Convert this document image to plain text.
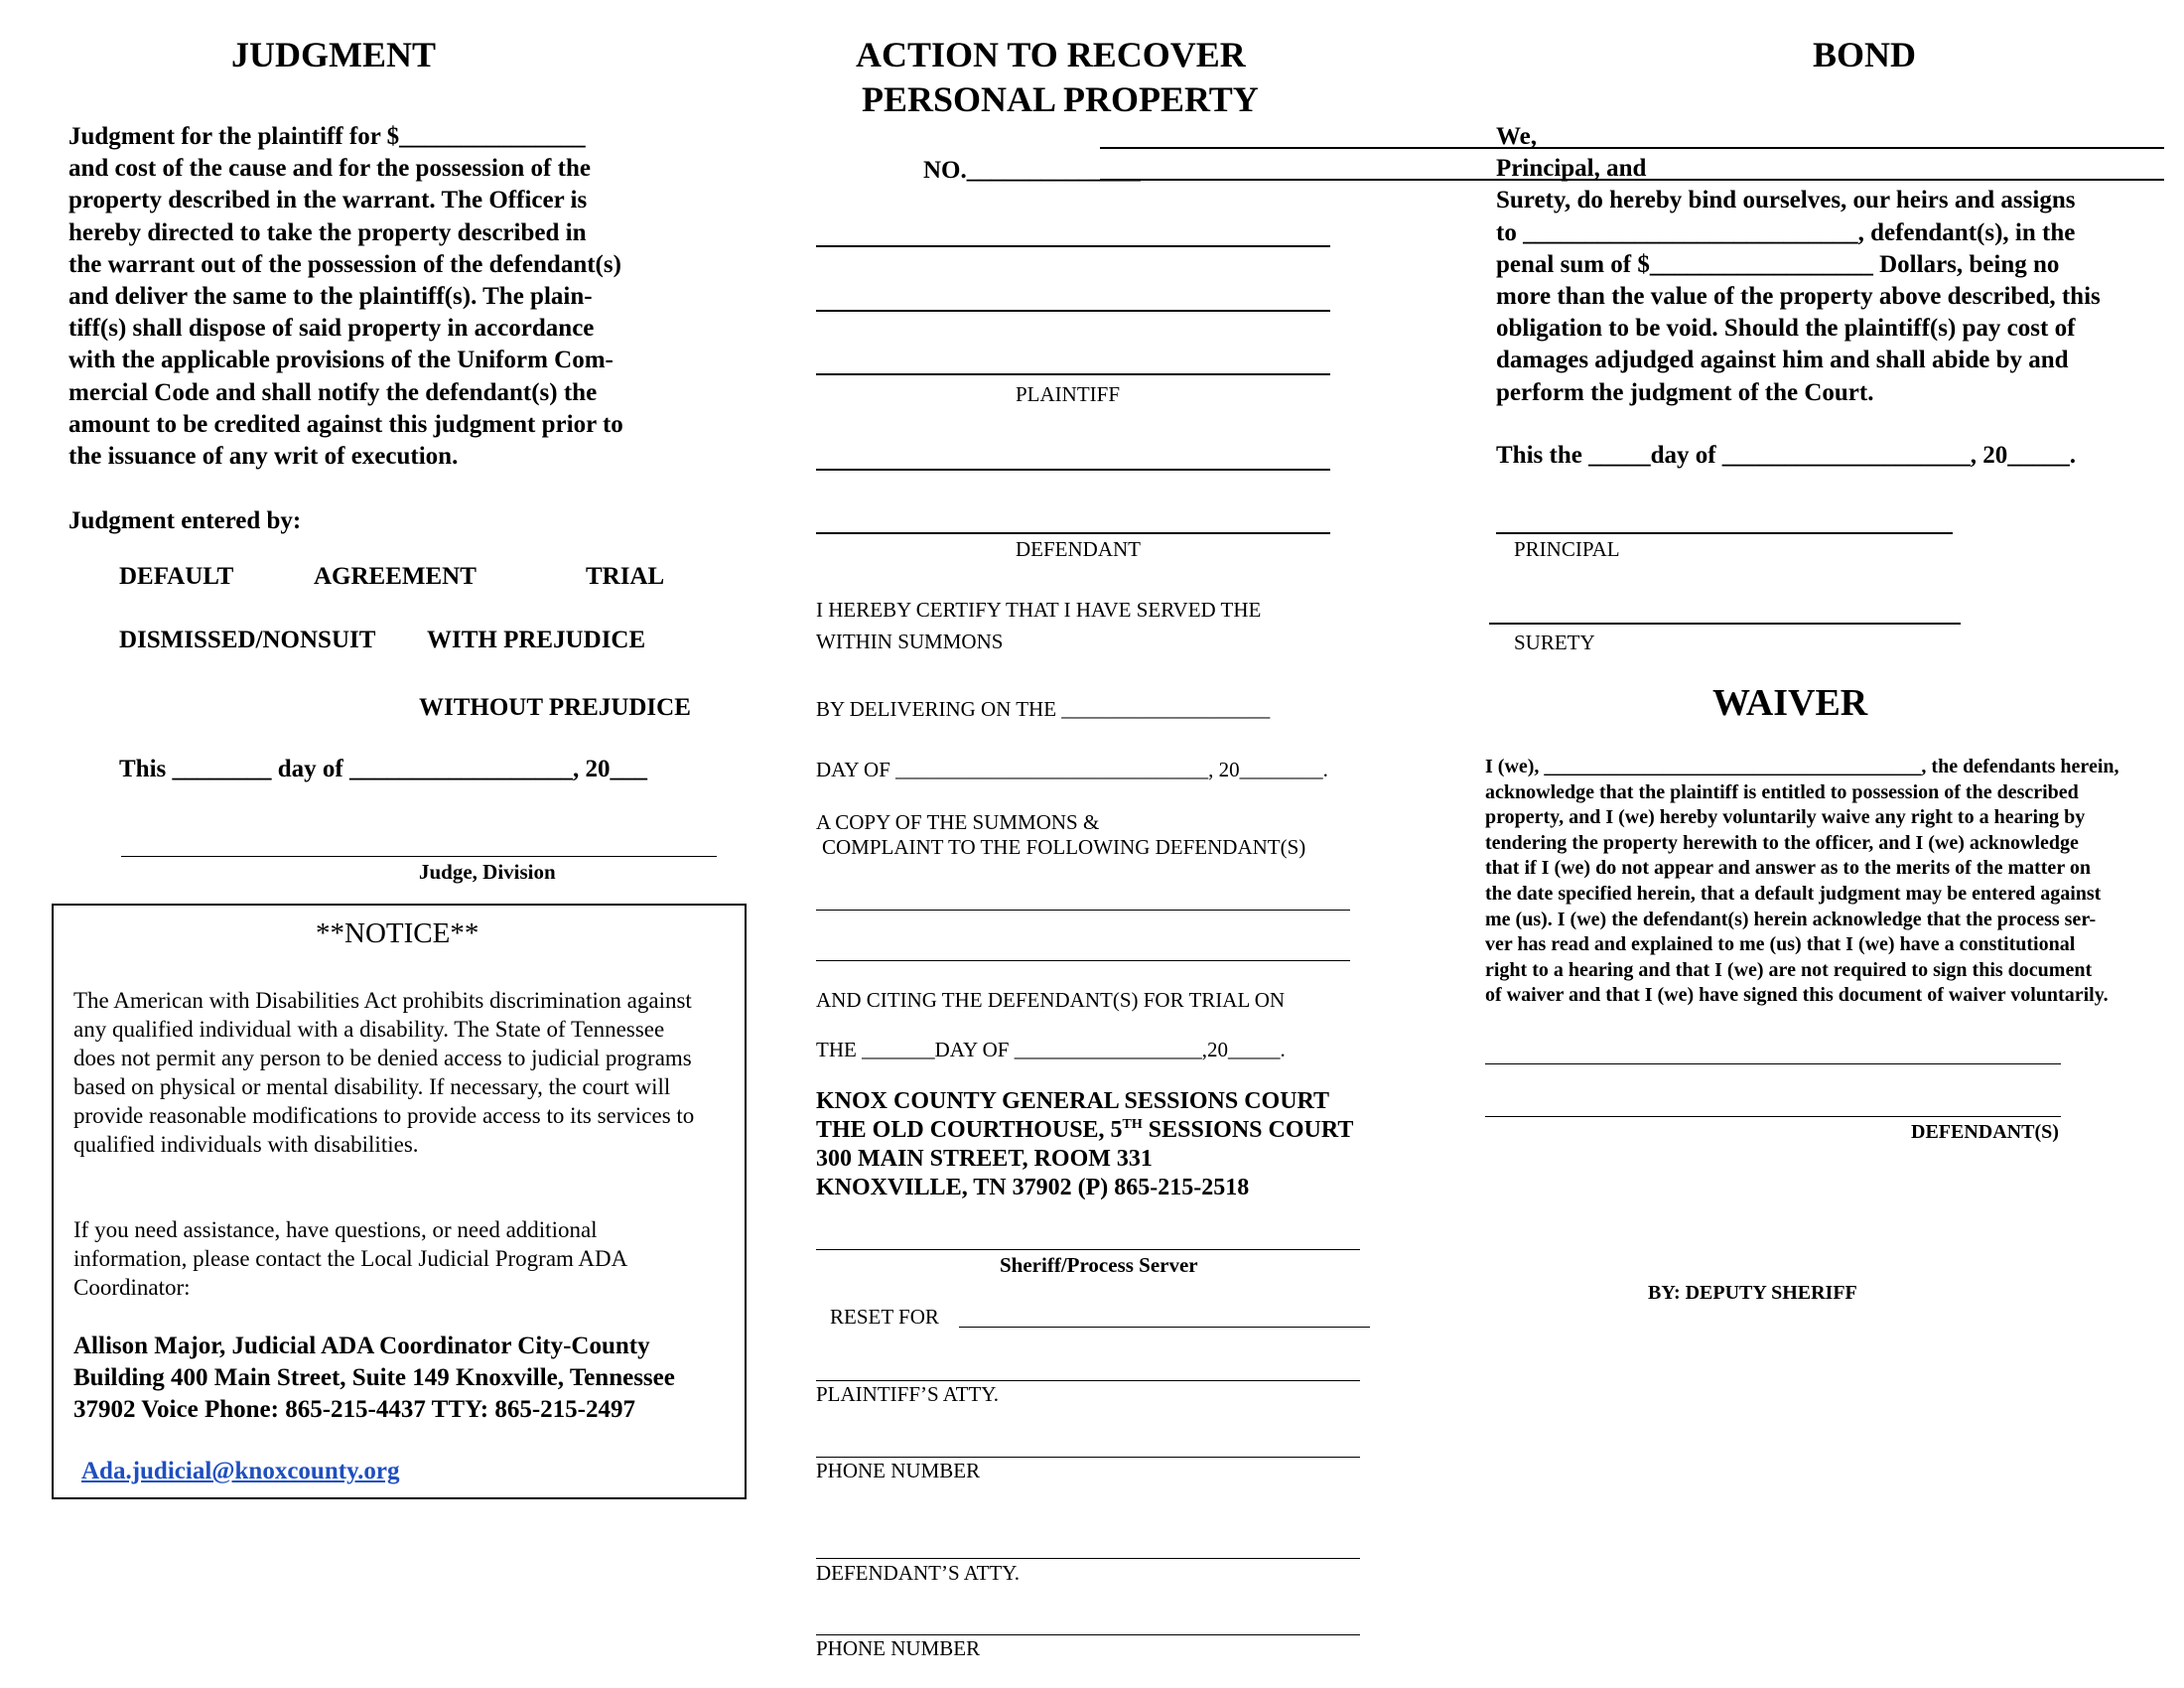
JUDGMENT
Judgment for the plaintiff for $_______________
and cost of the cause and for the possession of the
property described in the warrant. The Officer is
hereby directed to take the property described in
the warrant out of the possession of the defendant(s)
and deliver the same to the plaintiff(s). The plain-
tiff(s) shall dispose of said property in accordance
with the applicable provisions of the Uniform Com-
mercial Code and shall notify the defendant(s) the
amount to be credited against this judgment prior to
the issuance of any writ of execution.
Judgment entered by:
DEFAULT	AGREEMENT	TRIAL
DISMISSED/NONSUIT WITH PREJUDICE
WITHOUT PREJUDICE
This ________ day of __________________, 20___
Judge, Division
**NOTICE**
The American with Disabilities Act prohibits discrimination against any qualified individual with a disability. The State of Tennessee does not permit any person to be denied access to judicial programs based on physical or mental disability. If necessary, the court will provide reasonable modifications to provide access to its services to qualified individuals with disabilities.
If you need assistance, have questions, or need additional information, please contact the Local Judicial Program ADA Coordinator:
Allison Major, Judicial ADA Coordinator City-County Building 400 Main Street, Suite 149 Knoxville, Tennessee 37902 Voice Phone: 865-215-4437 TTY: 865-215-2497
Ada.judicial@knoxcounty.org
ACTION TO RECOVER
PERSONAL PROPERTY
NO.______________
PLAINTIFF
DEFENDANT
I HEREBY CERTIFY THAT I HAVE SERVED THE
WITHIN SUMMONS
BY DELIVERING ON THE ____________________
DAY OF ______________________________, 20________.
A COPY OF THE SUMMONS &
COMPLAINT TO THE FOLLOWING DEFENDANT(S)
AND CITING THE DEFENDANT(S) FOR TRIAL ON
THE _______DAY OF __________________,20_____.
KNOX COUNTY GENERAL SESSIONS COURT
THE OLD COURTHOUSE, 5TH SESSIONS COURT
300 MAIN STREET, ROOM 331
KNOXVILLE, TN 37902 (P) 865-215-2518
Sheriff/Process Server
RESET FOR
PLAINTIFF’S ATTY.
PHONE NUMBER
DEFENDANT’S ATTY.
PHONE NUMBER
BOND
We,
Principal, and
Surety, do hereby bind ourselves, our heirs and assigns
to ___________________________, defendant(s), in the
penal sum of $__________________ Dollars, being no
more than the value of the property above described, this
obligation to be void. Should the plaintiff(s) pay cost of
damages adjudged against him and shall abide by and
perform the judgment of the Court.
This the _____day of ____________________, 20_____.
PRINCIPAL
SURETY
WAIVER
I (we), ______________________________________, the defendants herein,
acknowledge that the plaintiff is entitled to possession of the described
property, and I (we) hereby voluntarily waive any right to a hearing by
tendering the property herewith to the officer, and I (we) acknowledge
that if I (we) do not appear and answer as to the merits of the matter on
the date specified herein, that a default judgment may be entered against
me (us). I (we) the defendant(s) herein acknowledge that the process ser-
ver has read and explained to me (us) that I (we) have a constitutional
right to a hearing and that I (we) are not required to sign this document
of waiver and that I (we) have signed this document of waiver voluntarily.
DEFENDANT(S)
BY: DEPUTY SHERIFF
